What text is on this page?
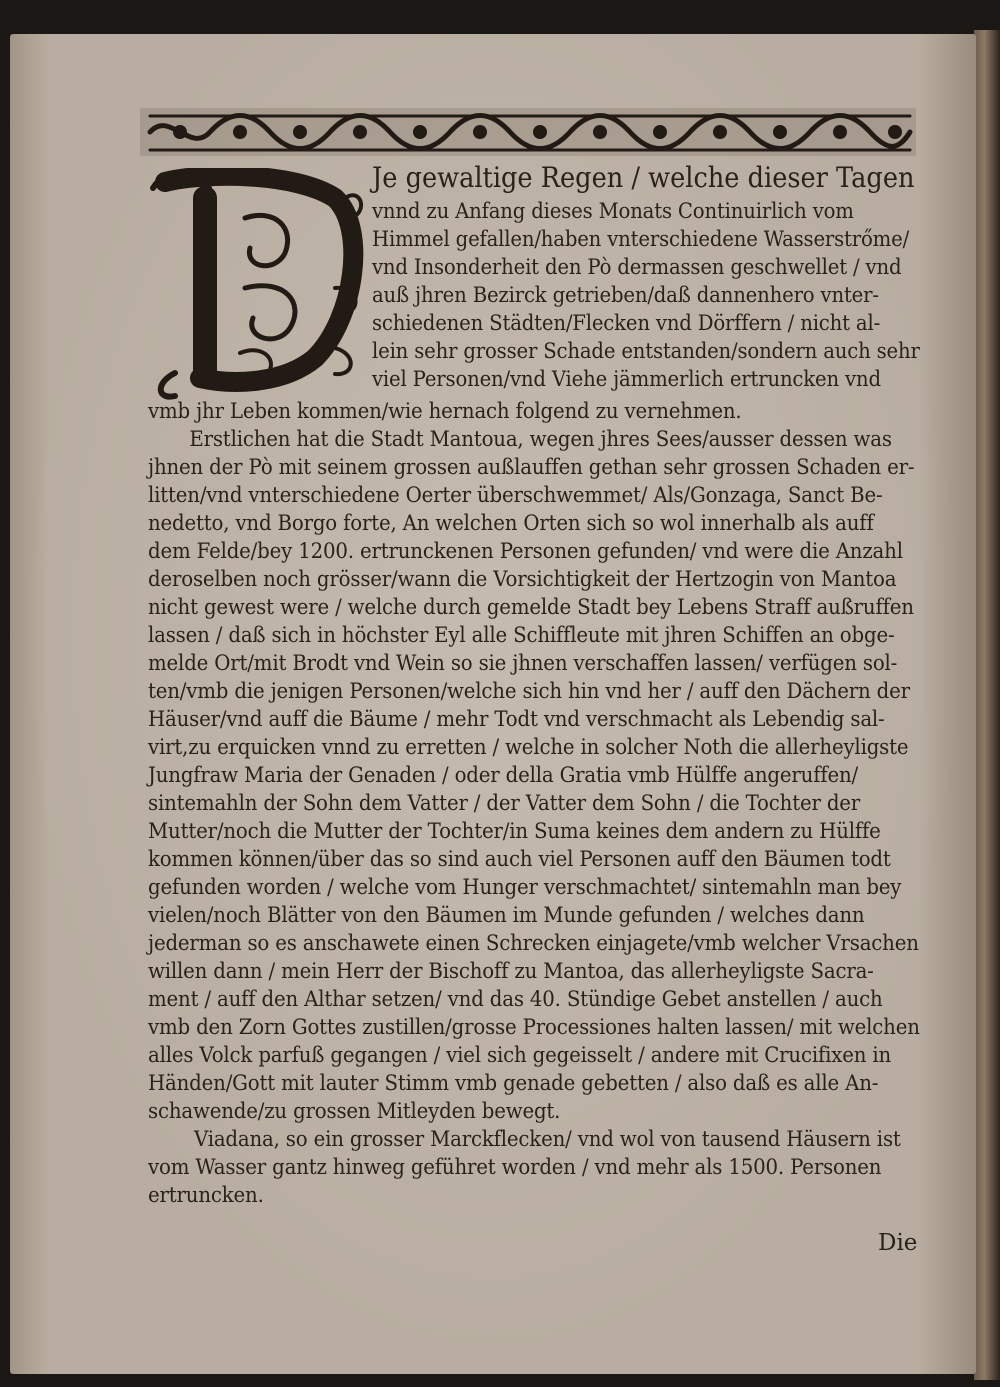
Je gewaltige Regen / welche dieser Tagen
vnnd zu Anfang dieses Monats Continuirlich vom
Himmel gefallen/haben vnterschiedene Wasserstrőme/
vnd Insonderheit den Pò dermassen geschwellet / vnd
auß jhren Bezirck getrieben/daß dannenhero vnter-
schiedenen Städten/Flecken vnd Dörffern / nicht al-
lein sehr grosser Schade entstanden/sondern auch sehr
viel Personen/vnd Viehe jämmerlich ertruncken vnd
vmb jhr Leben kommen/wie hernach folgend zu vernehmen.
Erstlichen hat die Stadt Mantoua, wegen jhres Sees/ausser dessen was
jhnen der Pò mit seinem grossen außlauffen gethan sehr grossen Schaden er-
litten/vnd vnterschiedene Oerter überschwemmet/ Als/Gonzaga, Sanct Be-
nedetto, vnd Borgo forte, An welchen Orten sich so wol innerhalb als auff
dem Felde/bey 1200. ertrunckenen Personen gefunden/ vnd were die Anzahl
deroselben noch grösser/wann die Vorsichtigkeit der Hertzogin von Mantoa
nicht gewest were / welche durch gemelde Stadt bey Lebens Straff außruffen
lassen / daß sich in höchster Eyl alle Schiffleute mit jhren Schiffen an obge-
melde Ort/mit Brodt vnd Wein so sie jhnen verschaffen lassen/ verfügen sol-
ten/vmb die jenigen Personen/welche sich hin vnd her / auff den Dächern der
Häuser/vnd auff die Bäume / mehr Todt vnd verschmacht als Lebendig sal-
virt,zu erquicken vnnd zu erretten / welche in solcher Noth die allerheyligste
Jungfraw Maria der Genaden / oder della Gratia vmb Hülffe angeruffen/
sintemahln der Sohn dem Vatter / der Vatter dem Sohn / die Tochter der
Mutter/noch die Mutter der Tochter/in Suma keines dem andern zu Hülffe
kommen können/über das so sind auch viel Personen auff den Bäumen todt
gefunden worden / welche vom Hunger verschmachtet/ sintemahln man bey
vielen/noch Blätter von den Bäumen im Munde gefunden / welches dann
jederman so es anschawete einen Schrecken einjagete/vmb welcher Vrsachen
willen dann / mein Herr der Bischoff zu Mantoa, das allerheyligste Sacra-
ment / auff den Althar setzen/ vnd das 40. Stündige Gebet anstellen / auch
vmb den Zorn Gottes zustillen/grosse Processiones halten lassen/ mit welchen
alles Volck parfuß gegangen / viel sich gegeisselt / andere mit Crucifixen in
Händen/Gott mit lauter Stimm vmb genade gebetten / also daß es alle An-
schawende/zu grossen Mitleyden bewegt.
Viadana, so ein grosser Marckflecken/ vnd wol von tausend Häusern ist
vom Wasser gantz hinweg geführet worden / vnd mehr als 1500. Personen
ertruncken.
Die
